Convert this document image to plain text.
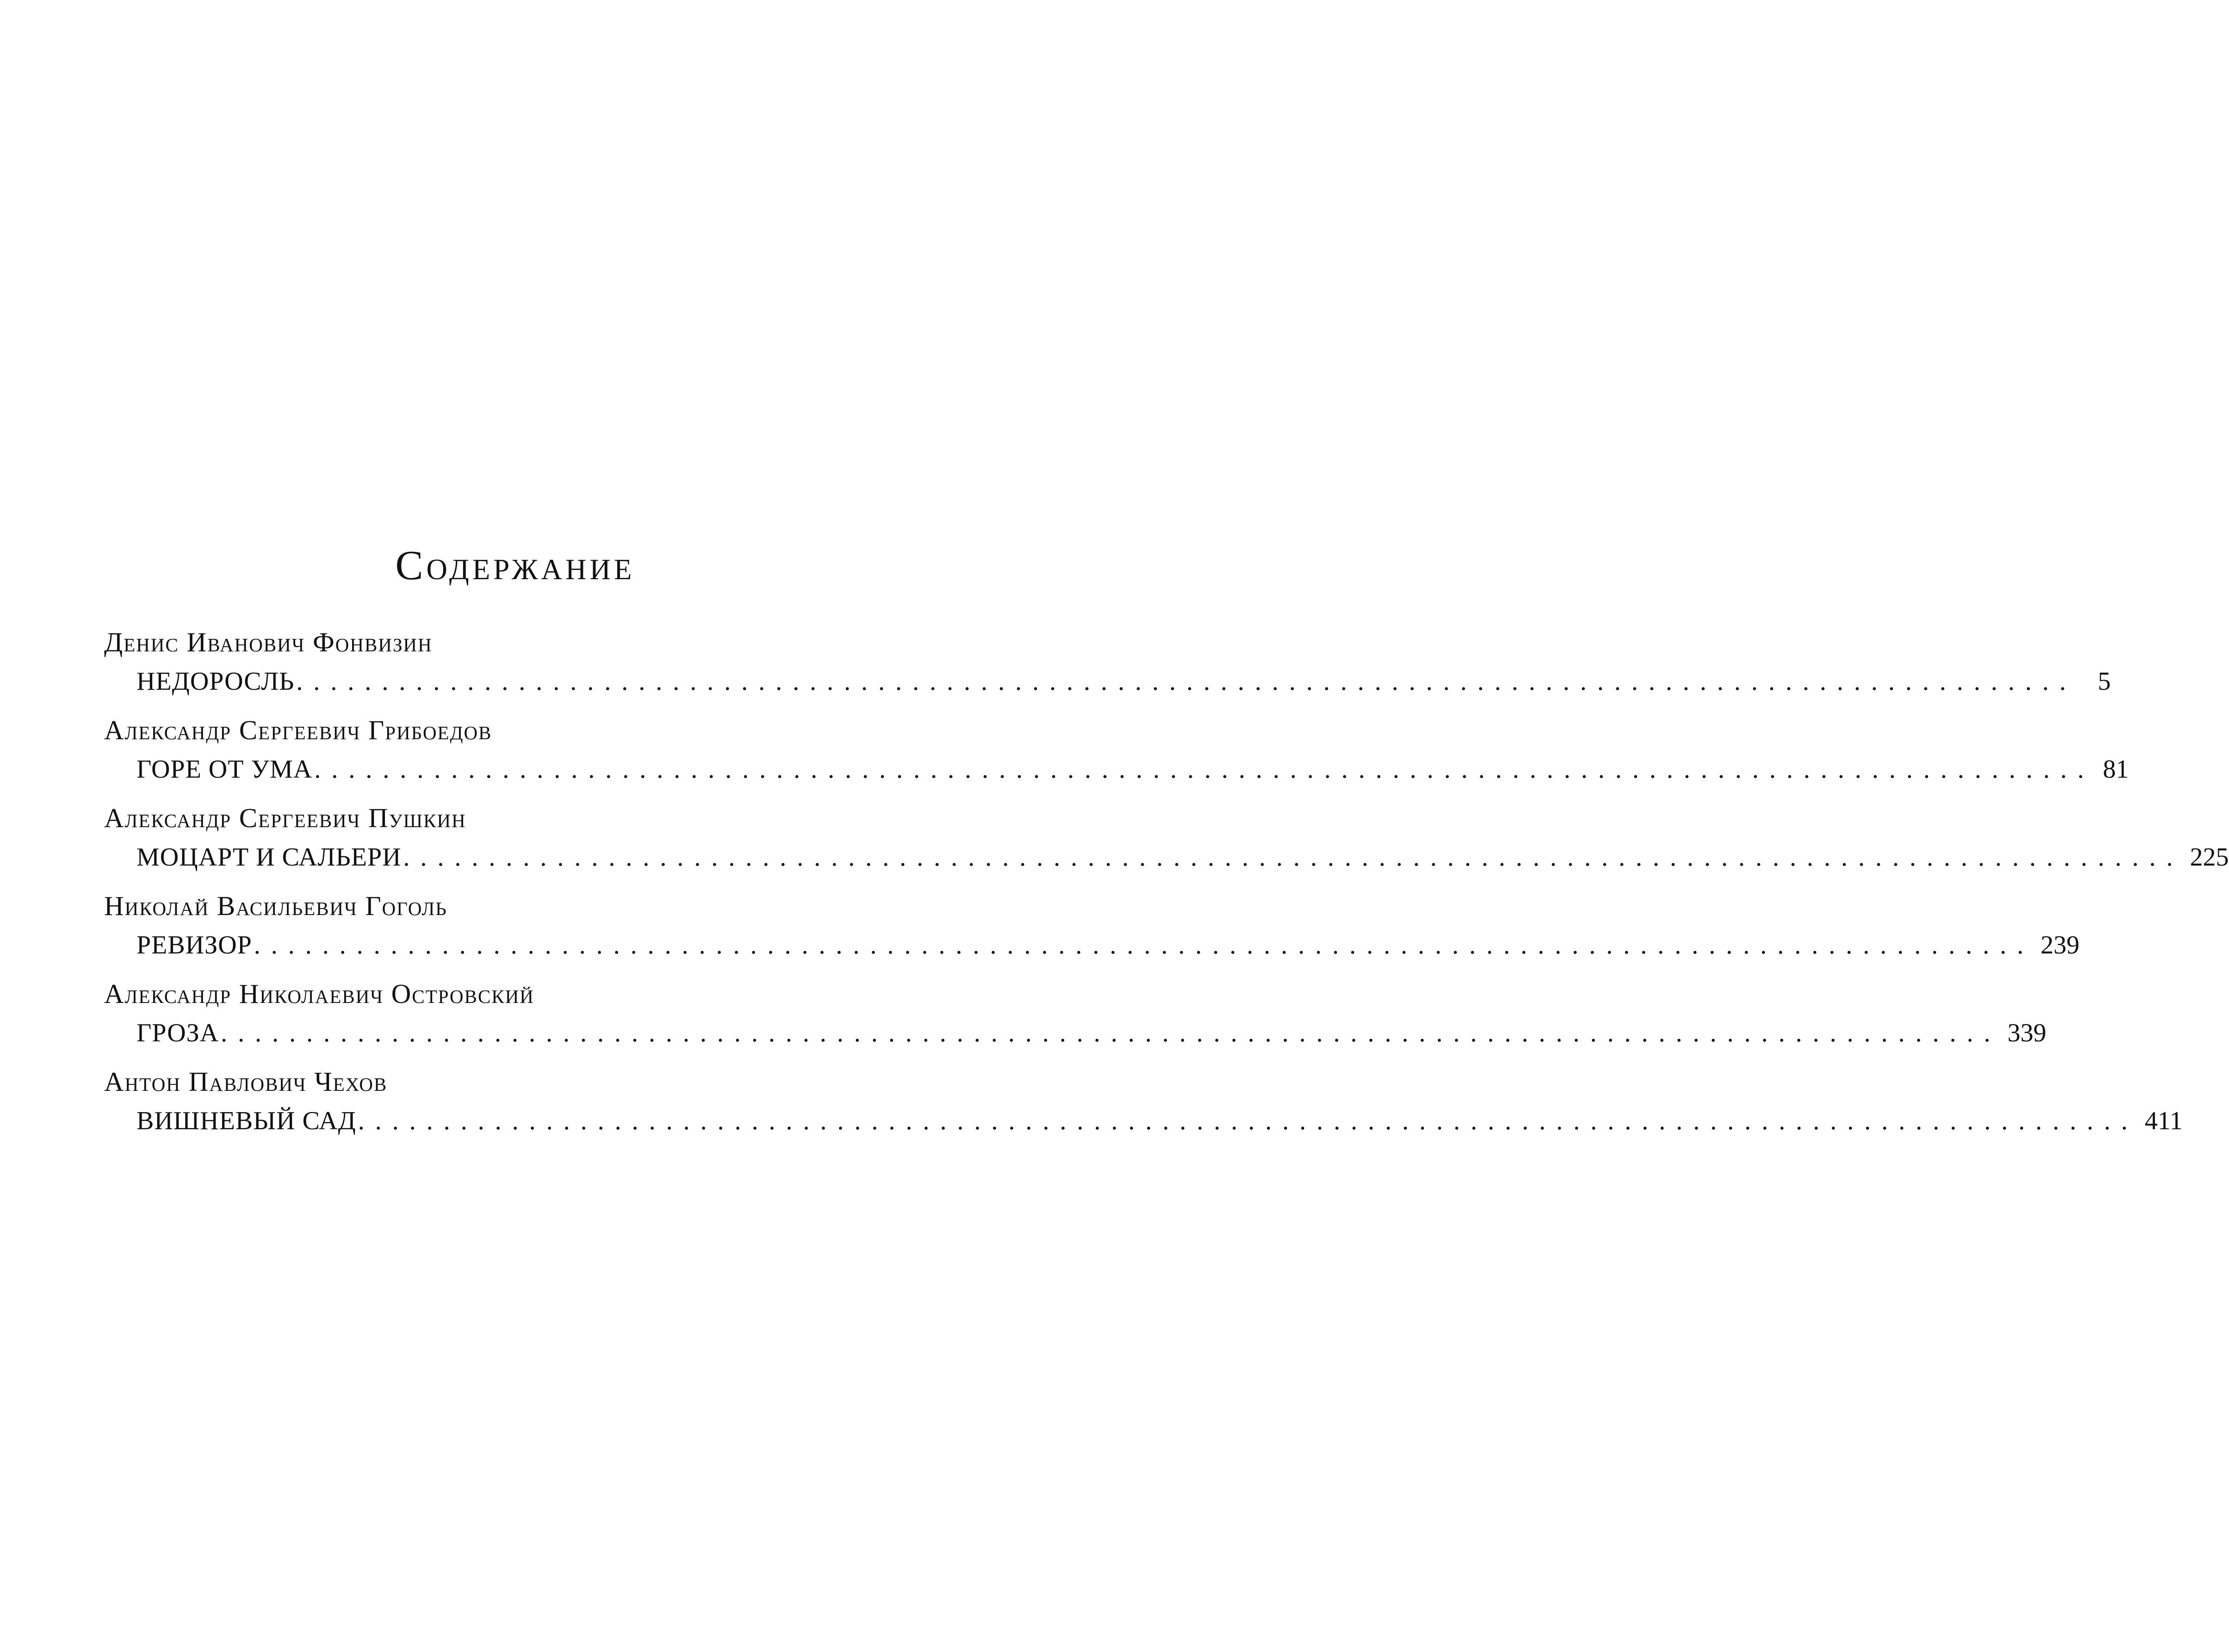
Содержание
Денис Иванович Фонвизин
НЕДОРОСЛЬ ........................................................................................................ 5
Александр Сергеевич Грибоедов
ГОРЕ ОТ УМА ........................................................................................................ 81
Александр Сергеевич Пушкин
МОЦАРТ И САЛЬЕРИ ........................................................................................................ 225
Николай Васильевич Гоголь
РЕВИЗОР ........................................................................................................ 239
Александр Николаевич Островский
ГРОЗА ........................................................................................................ 339
Антон Павлович Чехов
ВИШНЕВЫЙ САД ........................................................................................................ 411
